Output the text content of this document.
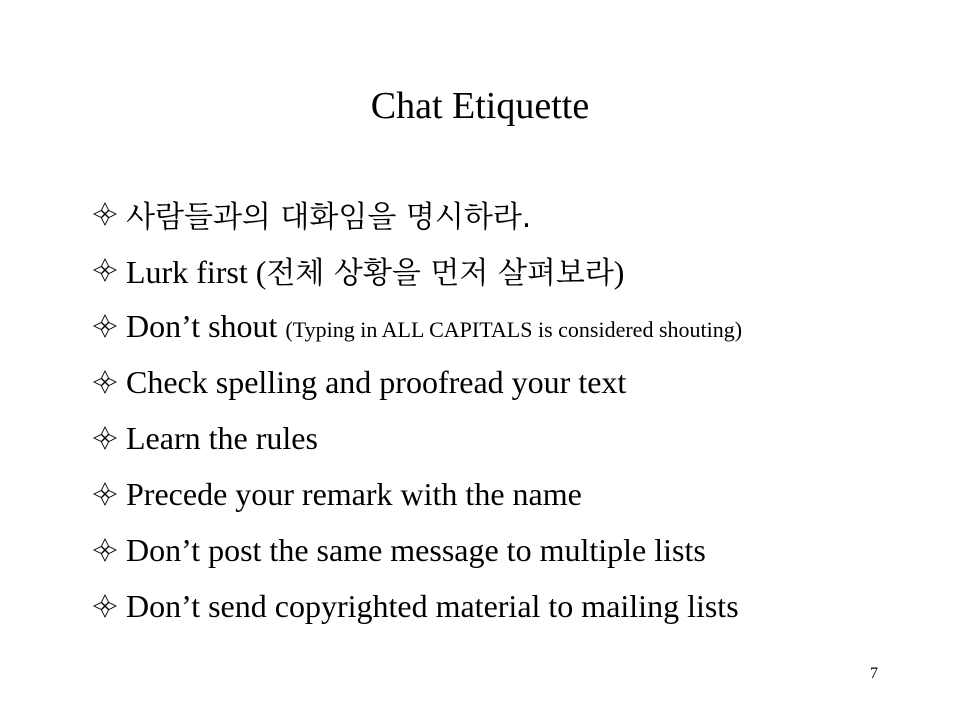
Chat Etiquette
사람들과의 대화임을 명시하라.
Lurk first (전체 상황을 먼저 살펴보라)
Don’t shout (Typing in ALL CAPITALS is considered shouting)
Check spelling and proofread your text
Learn the rules
Precede your remark with the name
Don’t post the same message to multiple lists
Don’t send copyrighted material to mailing lists
7
